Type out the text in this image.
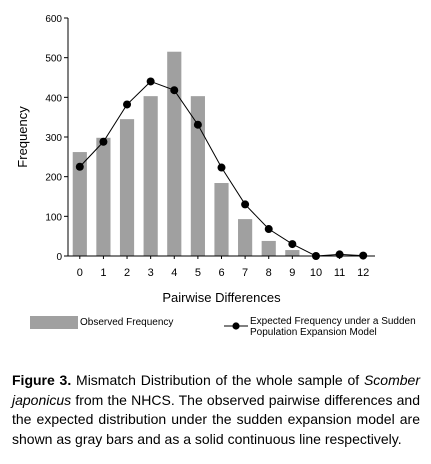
0
100
200
300
400
500
600
0 1 2 3 4 5 6 7 8 9 10 11 12
Frequency
Pairwise Differences
Observed Frequency	Expected Frequency under a Sudden Population Expansion Model
Figure 3. Mismatch Distribution of the whole sample of Scomber japonicus from the NHCS. The observed pairwise differences and the expected distribution under the sudden expansion model are shown as gray bars and as a solid continuous line respectively.
